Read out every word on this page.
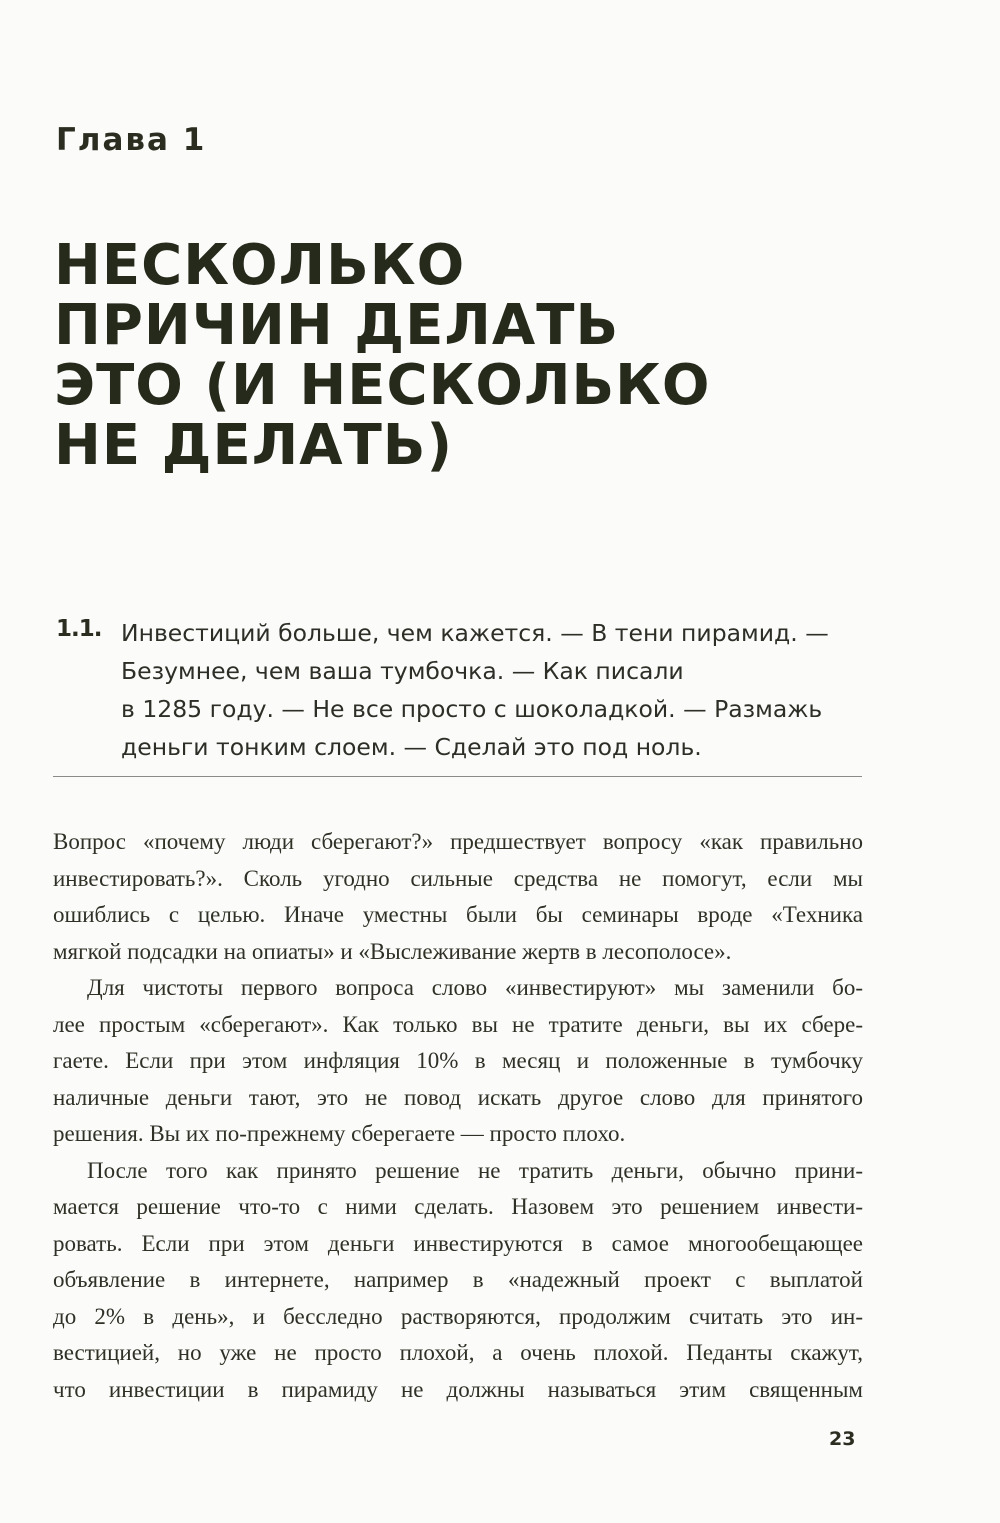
Глава 1
НЕСКОЛЬКО
ПРИЧИН ДЕЛАТЬ
ЭТО (И НЕСКОЛЬКО
НЕ ДЕЛАТЬ)
1.1. Инвестиций больше, чем кажется. — В тени пирамид. —
Безумнее, чем ваша тумбочка. — Как писали
в 1285 году. — Не все просто с шоколадкой. — Размажь
деньги тонким слоем. — Сделай это под ноль.

Вопрос «почему люди сберегают?» предшествует вопросу «как правильно
инвестировать?». Сколь угодно сильные средства не помогут, если мы
ошиблись с целью. Иначе уместны были бы семинары вроде «Техника
мягкой подсадки на опиаты» и «Выслеживание жертв в лесополосе».
Для чистоты первого вопроса слово «инвестируют» мы заменили бо-
лее простым «сберегают». Как только вы не тратите деньги, вы их сбере-
гаете. Если при этом инфляция 10% в месяц и положенные в тумбочку
наличные деньги тают, это не повод искать другое слово для принятого
решения. Вы их по-прежнему сберегаете — просто плохо.
После того как принято решение не тратить деньги, обычно прини-
мается решение что-то с ними сделать. Назовем это решением инвести-
ровать. Если при этом деньги инвестируются в самое многообещающее
объявление в интернете, например в «надежный проект с выплатой
до 2% в день», и бесследно растворяются, продолжим считать это ин-
вестицией, но уже не просто плохой, а очень плохой. Педанты скажут,
что инвестиции в пирамиду не должны называться этим священным
23
